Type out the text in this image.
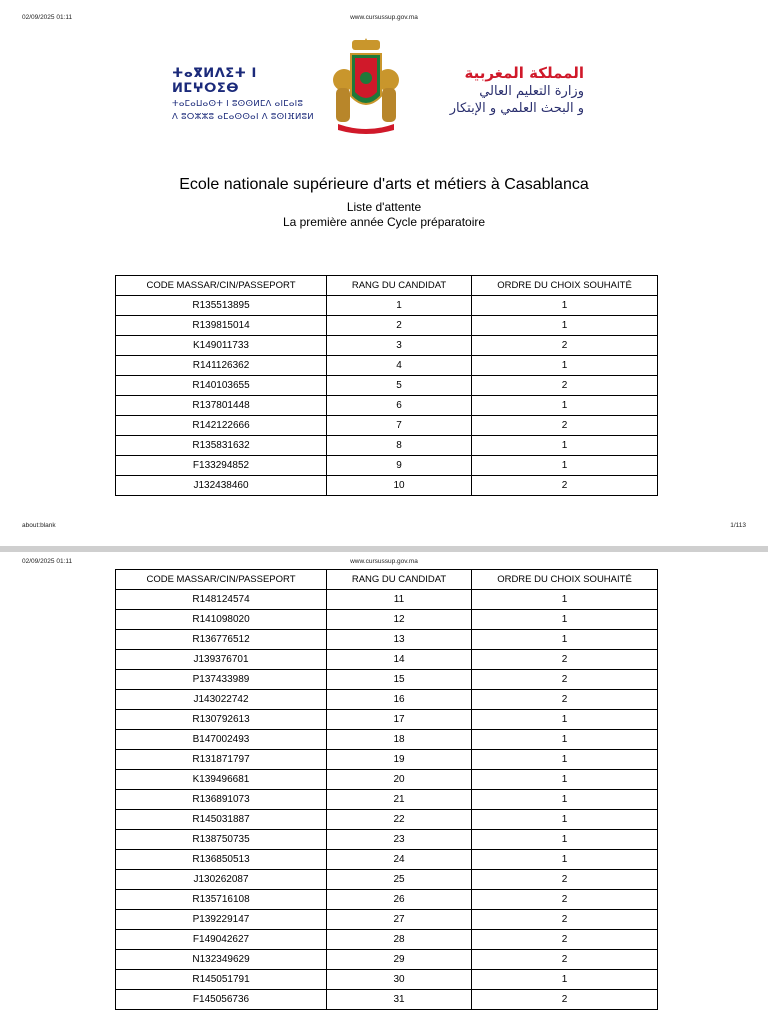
02/09/2025 01:11	www.cursussup.gov.ma
ⵜⴰⴳⵍⴷⵉⵜ ⵏ ⵍⵎⵖⵔⵉⴱ
ⵜⴰⵎⴰⵡⴰⵙⵜ ⵏ ⵓⵙⵙⵍⵎⴷ ⴰⵏⵎⴰⵏⵓ
ⴷ ⵓⵔⵣⵣⵓ ⴰⵎⴰⵙⵙⴰⵏ ⴷ ⵓⵙⵏⴼⵍⵓⵍ
المملكة المغربية
وزارة التعليم العالي
و البحث العلمي و الإبتكار
Ecole nationale supérieure d'arts et métiers à Casablanca
Liste d'attente
La première année Cycle préparatoire
CODE MASSAR/CIN/PASSEPORT	RANG DU CANDIDAT	ORDRE DU CHOIX SOUHAITÉ
R135513895	1	1
R139815014	2	1
K149011733	3	2
R141126362	4	1
R140103655	5	2
R137801448	6	1
R142122666	7	2
R135831632	8	1
F133294852	9	1
J132438460	10	2
about:blank	1/113
02/09/2025 01:11	www.cursussup.gov.ma
CODE MASSAR/CIN/PASSEPORT	RANG DU CANDIDAT	ORDRE DU CHOIX SOUHAITÉ
R148124574	11	1
R141098020	12	1
R136776512	13	1
J139376701	14	2
P137433989	15	2
J143022742	16	2
R130792613	17	1
B147002493	18	1
R131871797	19	1
K139496681	20	1
R136891073	21	1
R145031887	22	1
R138750735	23	1
R136850513	24	1
J130262087	25	2
R135716108	26	2
P139229147	27	2
F149042627	28	2
N132349629	29	2
R145051791	30	1
F145056736	31	2
